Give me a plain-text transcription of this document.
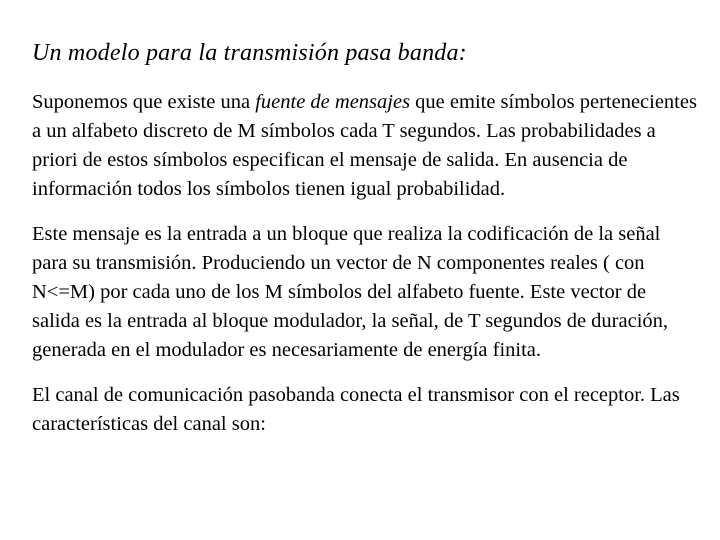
Un modelo para la transmisión pasa banda:

Suponemos que existe una fuente de mensajes que emite símbolos pertenecientes a un alfabeto discreto de M símbolos cada T segundos. Las probabilidades a priori de estos símbolos especifican el mensaje de salida. En ausencia de información todos los símbolos tienen igual probabilidad.

Este mensaje es la entrada a un bloque que realiza la codificación de la señal para su transmisión. Produciendo un vector de N componentes reales ( con N<=M) por cada uno de los M símbolos del alfabeto fuente. Este vector de salida es la entrada al bloque modulador, la señal, de T segundos de duración, generada en el modulador es necesariamente de energía finita.

El canal de comunicación pasobanda conecta el transmisor con el receptor. Las características del canal son:
